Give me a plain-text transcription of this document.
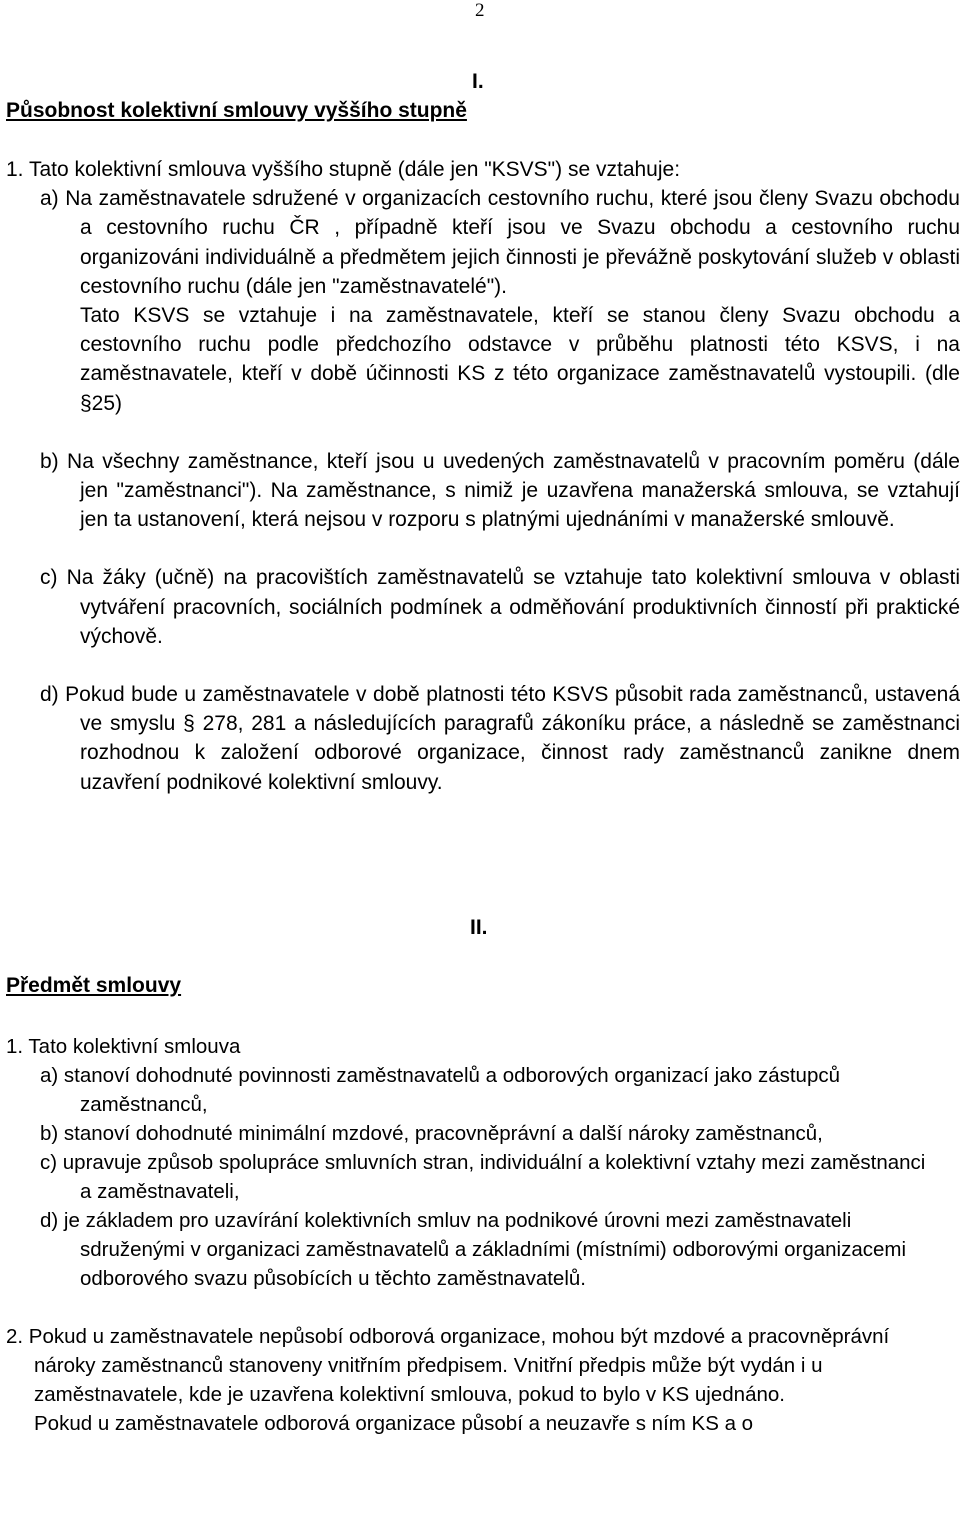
2
I.
Působnost kolektivní smlouvy vyššího stupně

1. Tato kolektivní smlouva vyššího stupně (dále jen "KSVS") se vztahuje:

a) Na zaměstnavatele sdružené v organizacích cestovního ruchu, které jsou členy Svazu obchodu a cestovního ruchu ČR , případně kteří jsou ve Svazu obchodu a cestovního ruchu organizováni individuálně a předmětem jejich činnosti je převážně poskytování služeb v oblasti cestovního ruchu (dále jen "zaměstnavatelé").

Tato KSVS se vztahuje i na zaměstnavatele, kteří se stanou členy Svazu obchodu a cestovního ruchu podle předchozího odstavce v průběhu platnosti této KSVS, i na zaměstnavatele, kteří v době účinnosti KS z této organizace zaměstnavatelů vystoupili. (dle §25)

b) Na všechny zaměstnance, kteří jsou u uvedených zaměstnavatelů v pracovním poměru (dále jen "zaměstnanci"). Na zaměstnance, s nimiž je uzavřena manažerská smlouva, se vztahují jen ta ustanovení, která nejsou v rozporu s platnými ujednáními v manažerské smlouvě.

c) Na žáky (učně) na pracovištích zaměstnavatelů se vztahuje tato kolektivní smlouva v oblasti vytváření pracovních, sociálních podmínek a odměňování produktivních činností při praktické výchově.

d) Pokud bude u zaměstnavatele v době platnosti této KSVS působit rada zaměstnanců, ustavená ve smyslu § 278, 281 a následujících paragrafů zákoníku práce, a následně se zaměstnanci rozhodnou k založení odborové organizace, činnost rady zaměstnanců zanikne dnem uzavření podnikové kolektivní smlouvy.

II.
Předmět smlouvy

1. Tato kolektivní smlouva

a) stanoví dohodnuté povinnosti zaměstnavatelů a odborových organizací jako zástupců zaměstnanců,

b) stanoví dohodnuté minimální mzdové, pracovněprávní a další nároky zaměstnanců,

c) upravuje způsob spolupráce smluvních stran, individuální a kolektivní vztahy mezi zaměstnanci a zaměstnavateli,

d) je základem pro uzavírání kolektivních smluv na podnikové úrovni mezi zaměstnavateli sdruženými v organizaci zaměstnavatelů a základními (místními) odborovými organizacemi odborového svazu působících u těchto zaměstnavatelů.

2. Pokud u zaměstnavatele nepůsobí odborová organizace, mohou být mzdové a pracovněprávní nároky zaměstnanců stanoveny vnitřním předpisem. Vnitřní předpis může být vydán i u zaměstnavatele, kde je uzavřena kolektivní smlouva, pokud to bylo v KS ujednáno.

Pokud u zaměstnavatele odborová organizace působí a neuzavře s ním KS a o
